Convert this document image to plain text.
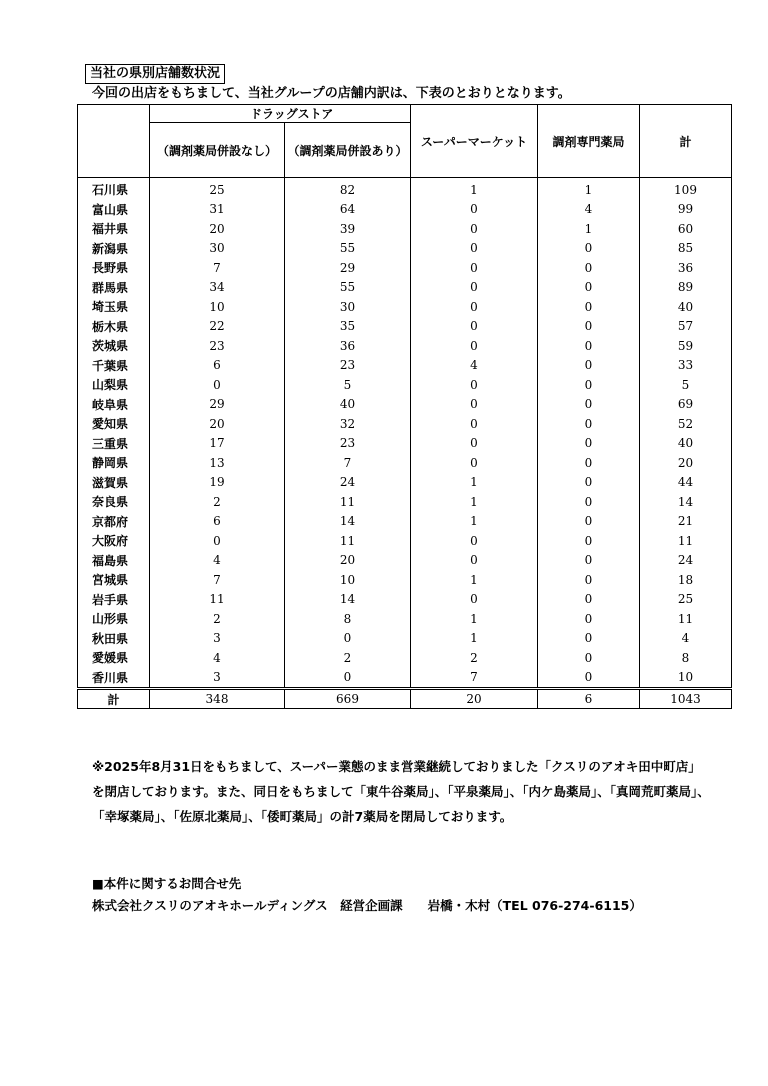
当社の県別店舗数状況
今回の出店をもちまして、当社グループの店舗内訳は、下表のとおりとなります。
	ドラッグストア		スーパーマーケット	調剤専門薬局	計
	（調剤薬局併設なし）	（調剤薬局併設あり）			
石川県	25	82	1	1	109
富山県	31	64	0	4	99
福井県	20	39	0	1	60
新潟県	30	55	0	0	85
長野県	7	29	0	0	36
群馬県	34	55	0	0	89
埼玉県	10	30	0	0	40
栃木県	22	35	0	0	57
茨城県	23	36	0	0	59
千葉県	6	23	4	0	33
山梨県	0	5	0	0	5
岐阜県	29	40	0	0	69
愛知県	20	32	0	0	52
三重県	17	23	0	0	40
静岡県	13	7	0	0	20
滋賀県	19	24	1	0	44
奈良県	2	11	1	0	14
京都府	6	14	1	0	21
大阪府	0	11	0	0	11
福島県	4	20	0	0	24
宮城県	7	10	1	0	18
岩手県	11	14	0	0	25
山形県	2	8	1	0	11
秋田県	3	0	1	0	4
愛媛県	4	2	2	0	8
香川県	3	0	7	0	10
計	348	669	20	6	1043
※2025年8月31日をもちまして、スーパー業態のまま営業継続しておりました「クスリのアオキ田中町店」を閉店しております。また、同日をもちまして「東牛谷薬局」、「平泉薬局」、「内ケ島薬局」、「真岡荒町薬局」、「幸塚薬局」、「佐原北薬局」、「倭町薬局」の計7薬局を閉局しております。
■本件に関するお問合せ先
株式会社クスリのアオキホールディングス　経営企画課　　岩橋・木村（TEL 076-274-6115）
